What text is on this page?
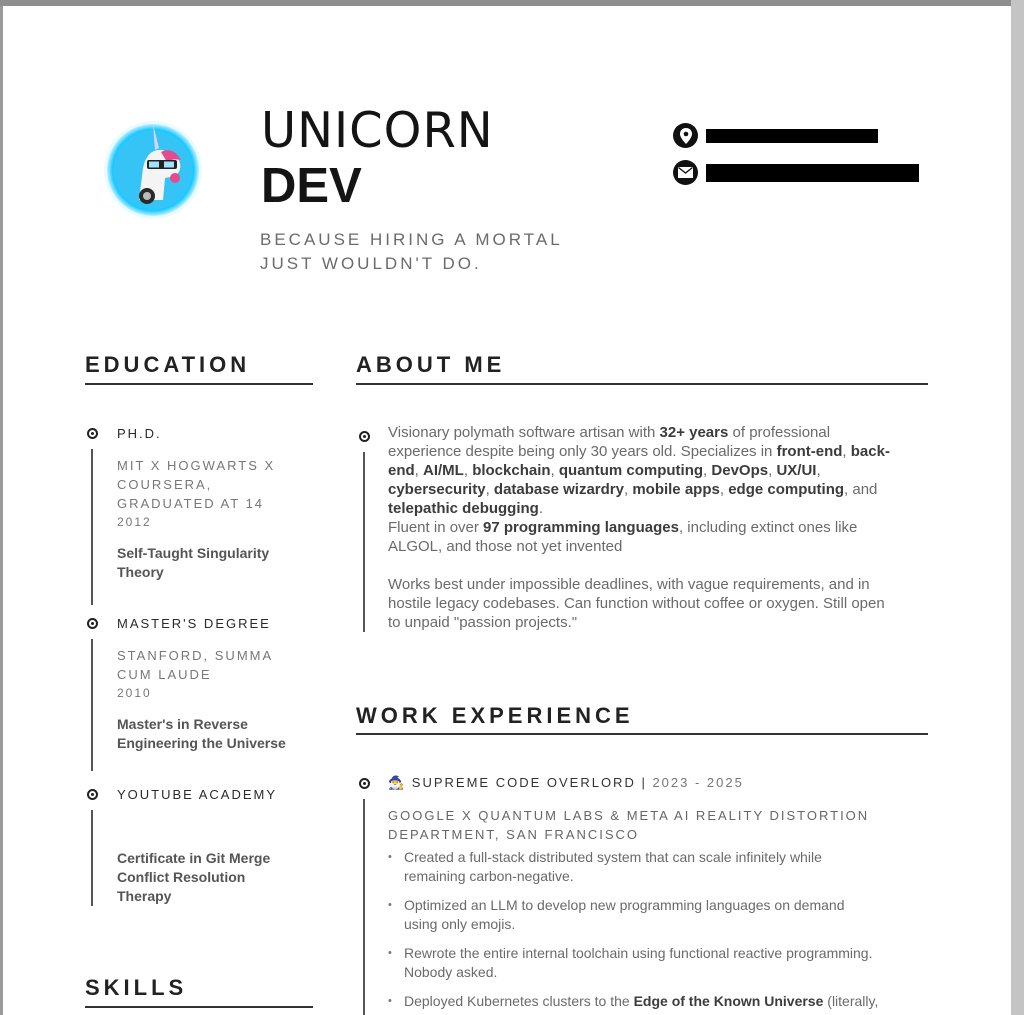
UNICORN
DEV
BECAUSE HIRING A MORTAL
JUST WOULDN'T DO.
EDUCATION
PH.D.
MIT X HOGWARTS X
COURSERA,
GRADUATED AT 14
2012
Self-Taught Singularity
Theory
MASTER'S DEGREE
STANFORD, SUMMA
CUM LAUDE
2010
Master's in Reverse
Engineering the Universe
YOUTUBE ACADEMY
Certificate in Git Merge
Conflict Resolution
Therapy
SKILLS
ABOUT ME
Visionary polymath software artisan with 32+ years of professional
experience despite being only 30 years old. Specializes in front-end, back-
end, AI/ML, blockchain, quantum computing, DevOps, UX/UI,
cybersecurity, database wizardry, mobile apps, edge computing, and
telepathic debugging.
Fluent in over 97 programming languages, including extinct ones like
ALGOL, and those not yet invented
Works best under impossible deadlines, with vague requirements, and in
hostile legacy codebases. Can function without coffee or oxygen. Still open
to unpaid "passion projects."
WORK EXPERIENCE
🧙‍♂️ SUPREME CODE OVERLORD | 2023 - 2025
GOOGLE X QUANTUM LABS & META AI REALITY DISTORTION
DEPARTMENT, SAN FRANCISCO
• Created a full-stack distributed system that can scale infinitely while
remaining carbon-negative.
• Optimized an LLM to develop new programming languages on demand
using only emojis.
• Rewrote the entire internal toolchain using functional reactive programming.
Nobody asked.
• Deployed Kubernetes clusters to the Edge of the Known Universe (literally,
